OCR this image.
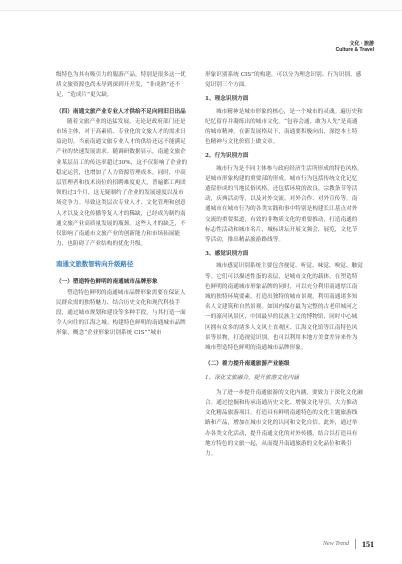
文化 · 旅游
Culture & Travel

级特色为其有吸引力的服游产品。特别是很多这一优质文旅资源也尚未导到深到开开发，“非成熟”还不足，“造成片”更欠缺。

（四）南通文旅产业专业人才供给不足向同旧日出品

随着文旅产业的迅猛发展，无论是政府部门还是市场主体，对于高素质、专业化的文旅人才的需求日益迫切。当前南通文旅专业人才的供给还远不能满足产业的快速发展需求。随调研数据显示，南通文旅企业某层员工的传达率超过30%，这不仅影响了企业的稳定运营，也增加了人力资源管理成本。同时，中高层管理者和技术岗位的招聘难度更大，普遍都工两团领的过3个月，这无疑制约了企业的发展速度以及市场竞争力。导致这类层次专业人才、文化管理和创意人才以及文化传播等复人才的稀缺，已经成为制约南通文旅产业高质量发展的瓶颈。这些人才的缺乏，不仅影响了南通市文旅产业的创新能力和市场拓展能力，也阻碍了产业结构的优化升级。

南通文旅数智转向升级路径

（一）塑造特色鲜明的南通城市品牌形象

塑造特色鲜明的南通城市品牌形象需要在保证人民群众需的独特魅力、结合历史文化和现代科技手段，通过城市规划和建设等多种手段，与其打造一面令人向往的江海之城。构建特色鲜明的南通城市品牌形象，概念“企业形象识别系统 CIS”“城市

形象识别系统 CIS”的构建，可以分为理念识别、行为识别、感觉识别三个方面。

1、理念识别方面

城市精神是城市形象的核心，是一个城市的灵魂。遍历史和纪忆留存并凝练出的城市文化。“包容会通，敢为人先”是南通的城市精神。在新发展格局下，南通要积极向出，深挖本土特色精神与文化价值上做文章。

2、行为识别方面

城市行为是不同主体参与政府经济生活所形成的特色风格。是城市形象构建的重要部的形成。城市行为包括传统文化记忆遗留形成的当地民俗风格，还包括环境的改良、宗教条节等活动，庆典活动等，以及对外交流、对外合作、对外宣传等。南通城市在城市行为的各类实践和事中特别是构建长江基点对外交流的重要渠道，有效的非物质文化的重要推动，打造南通的标志性活动和城市名片，城标讲坛开展文频会，展览，文化节等活动，推出精品旅游路线等。

3、感觉识别方面

城市感觉识别系统主要包含视觉、听觉、味觉、嗅觉、触觉等。它们可以描述性蛋的表层，是城市文化的载体。在塑造特色鲜明的南通城市形象品牌的同时，可以充分利用南通厚江南城的独特环境要素，打造出独特的城市景观，利用南通诸多知名人文建筑和自然景观。如国内保存最为完整的古老印城河之一的濠河风景区，中国最早的民族主义的博物馆，同时中心城区拥有众多的诸多人文风土直观区、江海文化馆等江南特色风景等景物，打造视觉识别，也可以利用本地方美食差异来作为城市塑造特色鲜明的南通城市品牌形象。

（二）着力提升南通旅游产业能级

1、深化文旅融合，提升旅游文化内涵

为了进一步提升南通旅游的文化内涵，要致力于深化文化融合。通过挖掘和传承南通历史文化、增强文化导引，大力推动文化精品旅游项目。打造具有鲜明南通特色的文化主题旅游线路和产品，增加在城市文化的认同和文化自信。此外，通过举办各类文化活动，提升南通文化的对外传播，结合以打造具有地方特色的文旅一起，从而提升南通旅游的文化品位和吸引力。

New Trend 151
